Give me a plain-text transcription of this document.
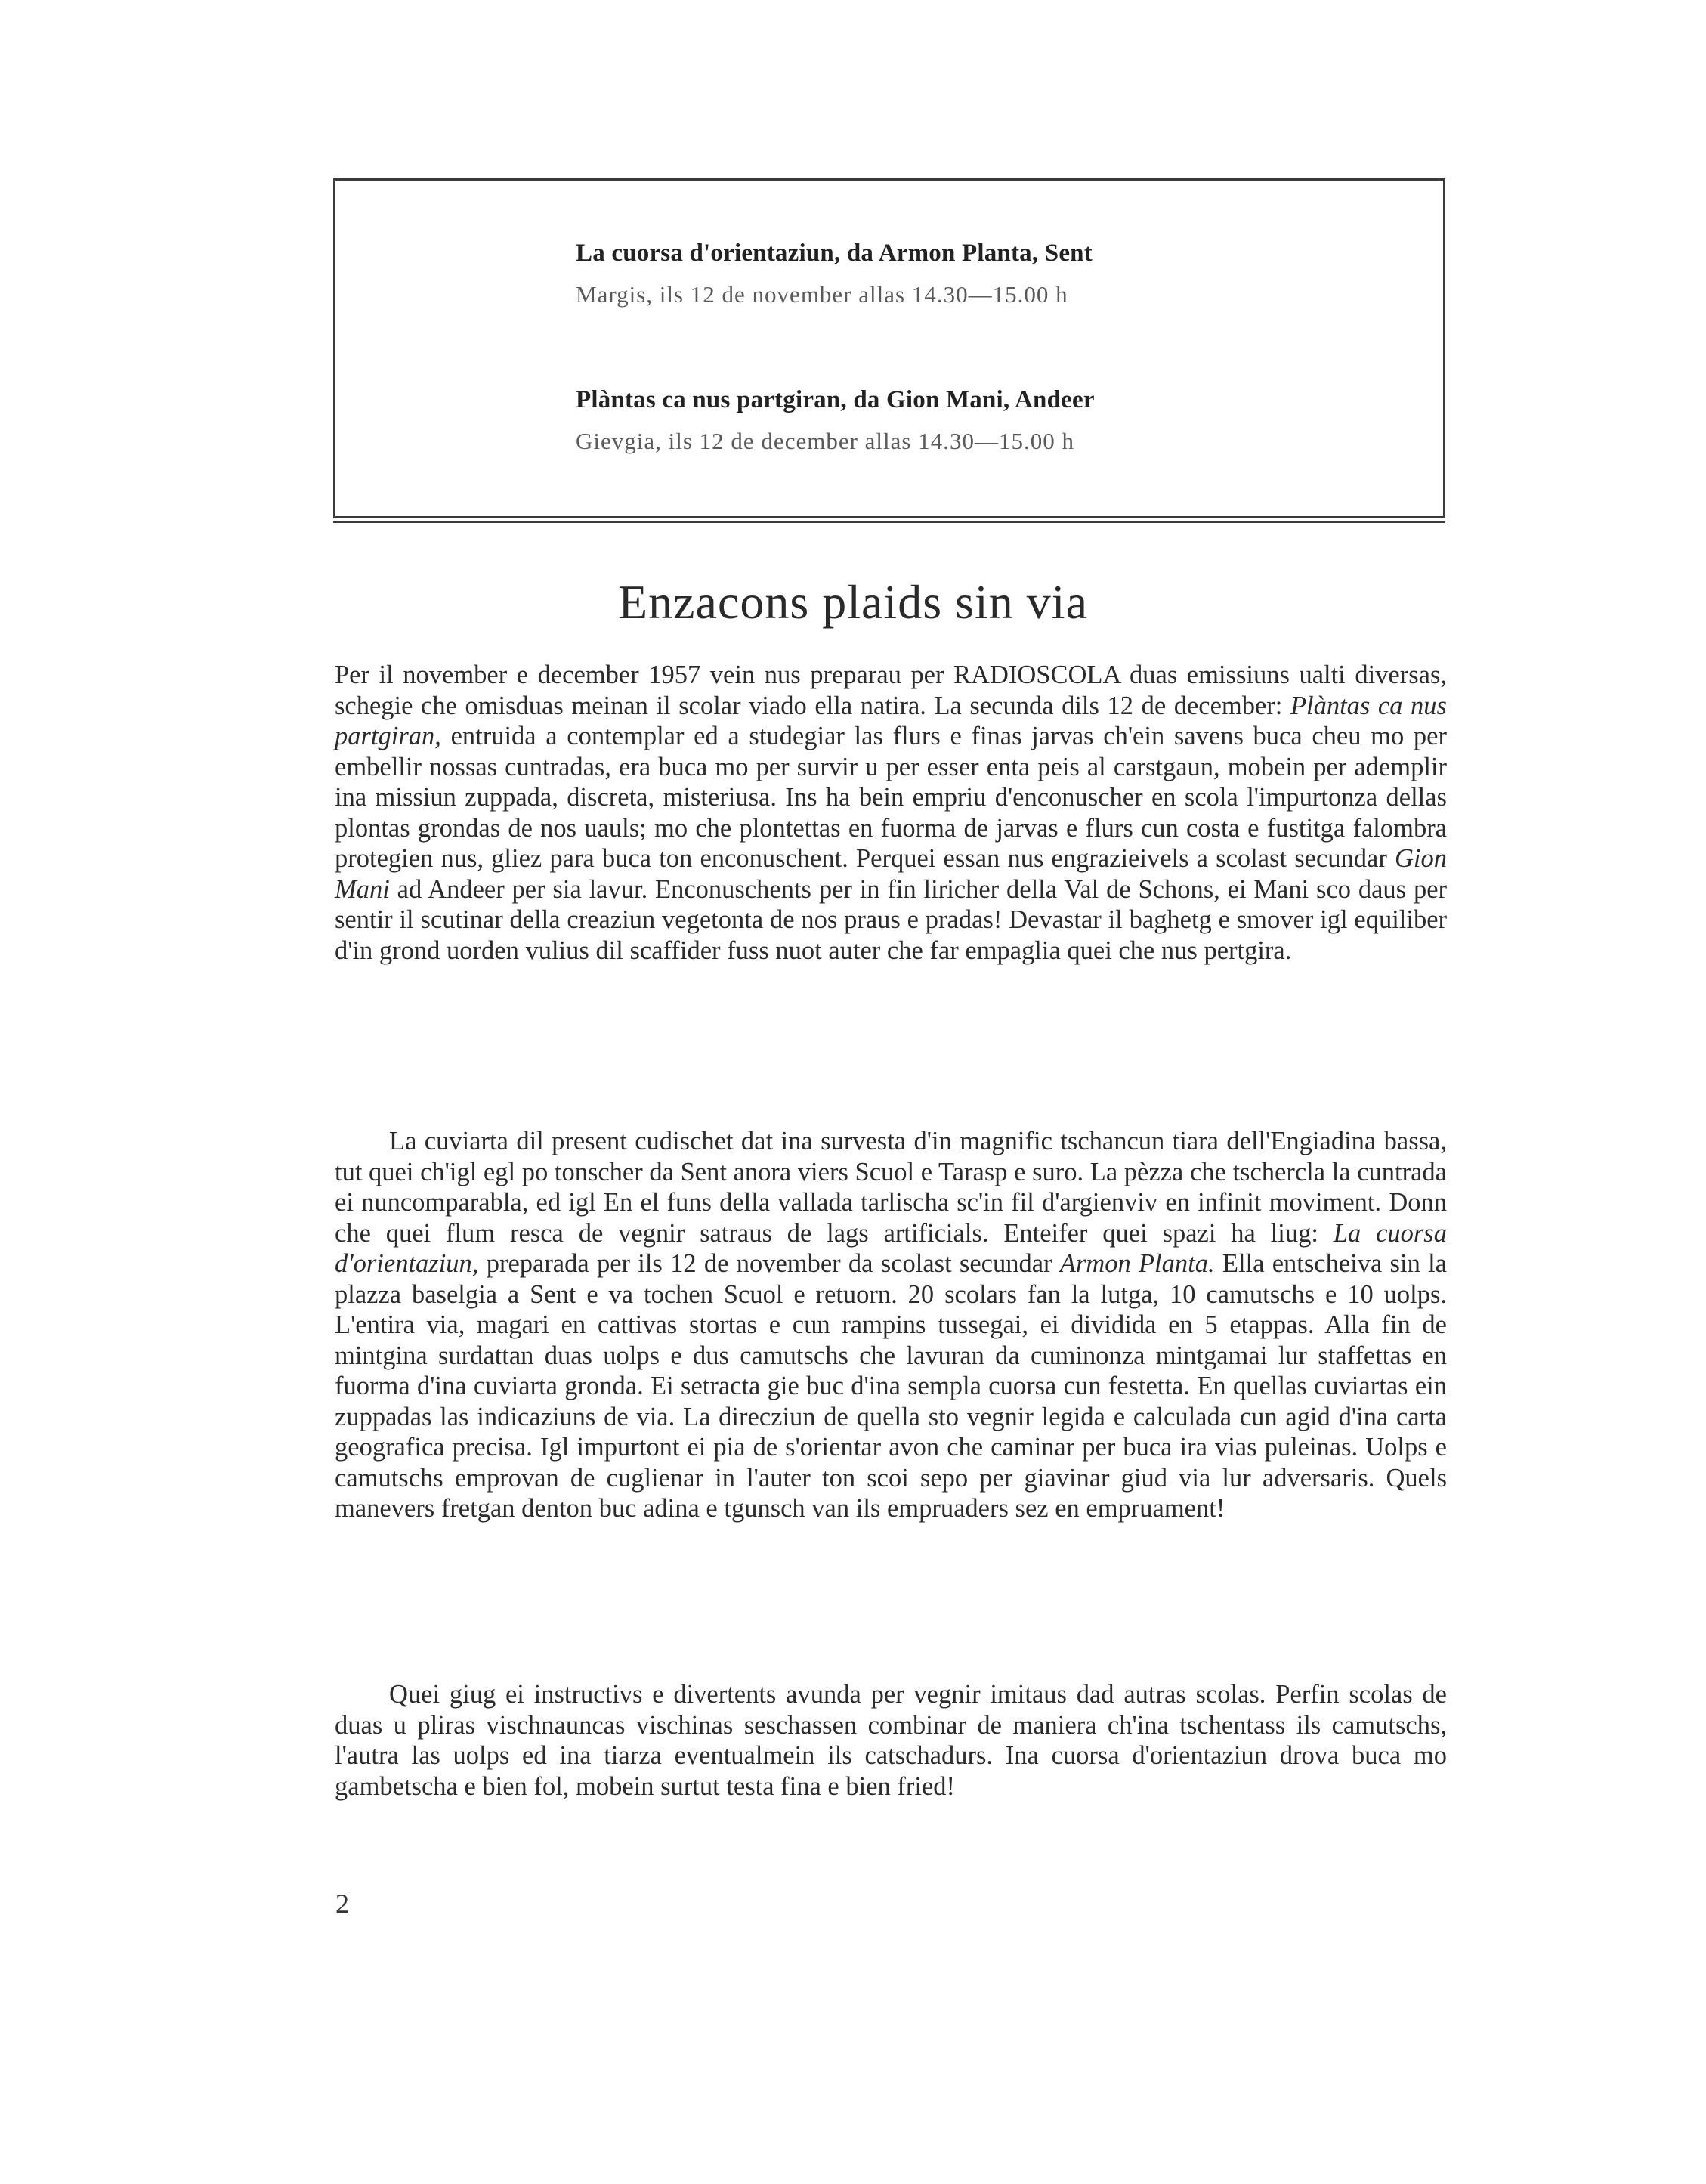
La cuorsa d'orientaziun, da Armon Planta, Sent
Margis, ils 12 de november allas 14.30—15.00 h
Plàntas ca nus partgiran, da Gion Mani, Andeer
Gievgia, ils 12 de december allas 14.30—15.00 h
Enzacons plaids sin via

Per il november e december 1957 vein nus preparau per RADIOSCOLA duas emissiuns ualti diversas, schegie che omisduas meinan il scolar viado ella natira. La secunda dils 12 de december: Plàntas ca nus partgiran, entruida a contemplar ed a studegiar las flurs e finas jarvas ch'ein savens buca cheu mo per embellir nossas cuntradas, era buca mo per survir u per esser enta peis al carstgaun, mobein per ademplir ina missiun zuppada, discreta, misteriusa. Ins ha bein empriu d'enconuscher en scola l'impurtonza dellas plontas grondas de nos uauls; mo che plontettas en fuorma de jarvas e flurs cun costa e fustitga falombra protegien nus, gliez para buca ton enconuschent. Perquei essan nus engrazieivels a scolast secundar Gion Mani ad Andeer per sia lavur. Enconuschents per in fin liricher della Val de Schons, ei Mani sco daus per sentir il scutinar della creaziun vegetonta de nos praus e pradas! Devastar il baghetg e smover igl equiliber d'in grond uorden vulius dil scaffider fuss nuot auter che far empaglia quei che nus pertgira.

La cuviarta dil present cudischet dat ina survesta d'in magnific tschancun tiara dell'Engiadina bassa, tut quei ch'igl egl po tonscher da Sent anora viers Scuol e Tarasp e suro. La pèzza che tschercla la cuntrada ei nuncomparabla, ed igl En el funs della vallada tarlischa sc'in fil d'argienviv en infinit moviment. Donn che quei flum resca de vegnir satraus de lags artificials. Enteifer quei spazi ha liug: La cuorsa d'orientaziun, preparada per ils 12 de november da scolast secundar Armon Planta. Ella entscheiva sin la plazza baselgia a Sent e va tochen Scuol e retuorn. 20 scolars fan la lutga, 10 camutschs e 10 uolps. L'entira via, magari en cattivas stortas e cun rampins tussegai, ei dividida en 5 etappas. Alla fin de mintgina surdattan duas uolps e dus camutschs che lavuran da cuminonza mintgamai lur staffettas en fuorma d'ina cuviarta gronda. Ei setracta gie buc d'ina sempla cuorsa cun festetta. En quellas cuviartas ein zuppadas las indicaziuns de via. La direcziun de quella sto vegnir legida e calculada cun agid d'ina carta geografica precisa. Igl impurtont ei pia de s'orientar avon che caminar per buca ira vias puleinas. Uolps e camutschs emprovan de cuglienar in l'auter ton scoi sepo per giavinar giud via lur adversaris. Quels manevers fretgan denton buc adina e tgunsch van ils empruaders sez en empruament!

Quei giug ei instructivs e divertents avunda per vegnir imitaus dad autras scolas. Perfin scolas de duas u pliras vischnauncas vischinas seschassen combinar de maniera ch'ina tschentass ils camutschs, l'autra las uolps ed ina tiarza eventualmein ils catschadurs. Ina cuorsa d'orientaziun drova buca mo gambetscha e bien fol, mobein surtut testa fina e bien fried!

2
